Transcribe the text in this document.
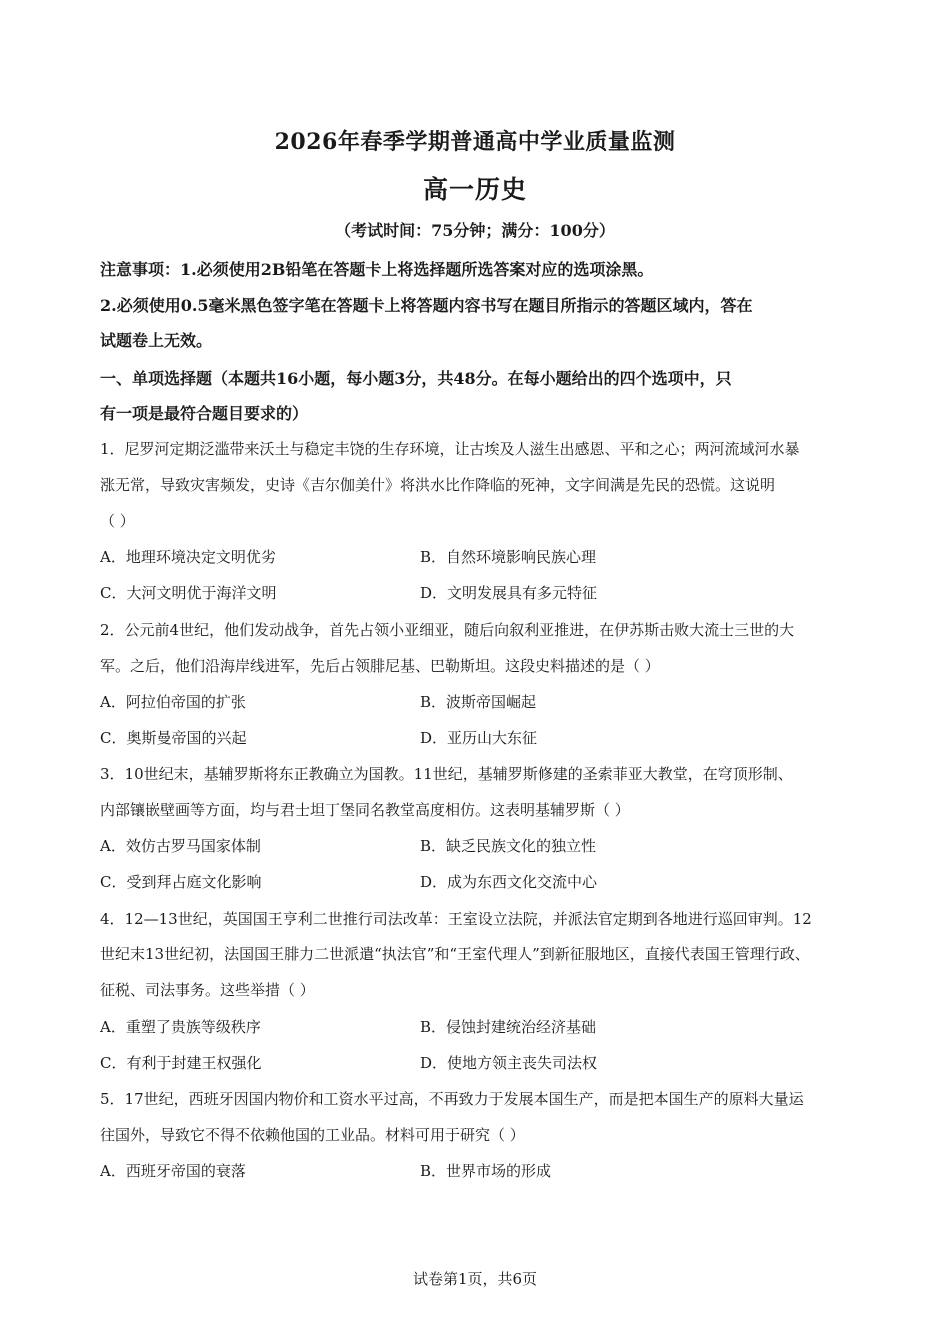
2026年春季学期普通高中学业质量监测
高一历史
（考试时间：75分钟；满分：100分）
注意事项：1.必须使用2B铅笔在答题卡上将选择题所选答案对应的选项涂黑。
2.必须使用0.5毫米黑色签字笔在答题卡上将答题内容书写在题目所指示的答题区域内，答在
试题卷上无效。
一、单项选择题（本题共16小题，每小题3分，共48分。在每小题给出的四个选项中，只
有一项是最符合题目要求的）
1．尼罗河定期泛滥带来沃土与稳定丰饶的生存环境，让古埃及人滋生出感恩、平和之心；两河流域河水暴
涨无常，导致灾害频发，史诗《吉尔伽美什》将洪水比作降临的死神，文字间满是先民的恐慌。这说明
（ ）
A．地理环境决定文明优劣	B．自然环境影响民族心理
C．大河文明优于海洋文明	D．文明发展具有多元特征
2．公元前4世纪，他们发动战争，首先占领小亚细亚，随后向叙利亚推进，在伊苏斯击败大流士三世的大
军。之后，他们沿海岸线进军，先后占领腓尼基、巴勒斯坦。这段史料描述的是（ ）
A．阿拉伯帝国的扩张	B．波斯帝国崛起
C．奥斯曼帝国的兴起	D．亚历山大东征
3．10世纪末，基辅罗斯将东正教确立为国教。11世纪，基辅罗斯修建的圣索菲亚大教堂，在穹顶形制、
内部镶嵌壁画等方面，均与君士坦丁堡同名教堂高度相仿。这表明基辅罗斯（ ）
A．效仿古罗马国家体制	B．缺乏民族文化的独立性
C．受到拜占庭文化影响	D．成为东西文化交流中心
4．12—13世纪，英国国王亨利二世推行司法改革：王室设立法院，并派法官定期到各地进行巡回审判。12
世纪末13世纪初，法国国王腓力二世派遣“执法官”和“王室代理人”到新征服地区，直接代表国王管理行政、
征税、司法事务。这些举措（ ）
A．重塑了贵族等级秩序	B．侵蚀封建统治经济基础
C．有利于封建王权强化	D．使地方领主丧失司法权
5．17世纪，西班牙因国内物价和工资水平过高，不再致力于发展本国生产，而是把本国生产的原料大量运
往国外，导致它不得不依赖他国的工业品。材料可用于研究（ ）
A．西班牙帝国的衰落	B．世界市场的形成
试卷第1页，共6页
